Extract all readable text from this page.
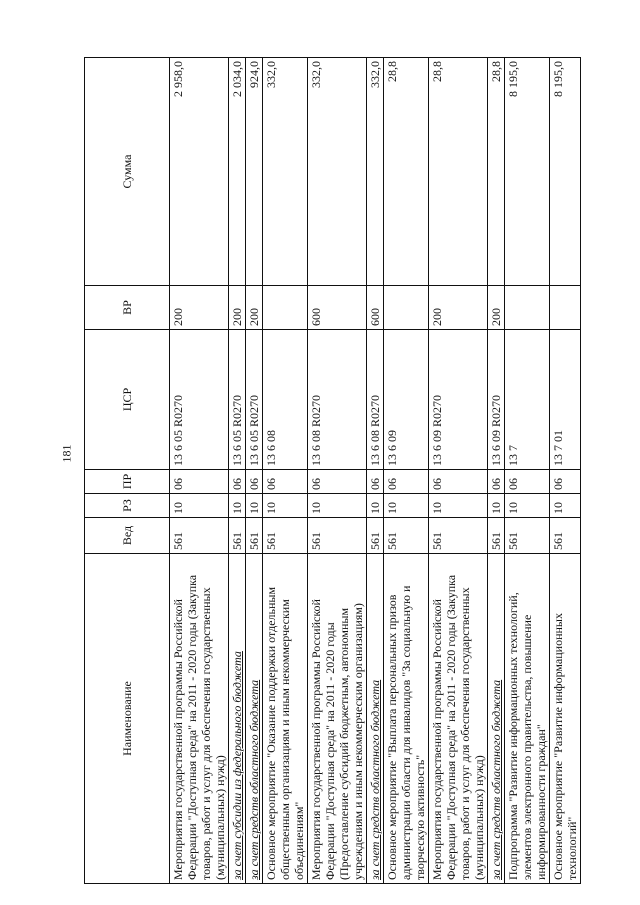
181
Наименование	Вед	РЗ	ПР	ЦСР	ВР	Сумма
Мероприятия государственной программы Российской Федерации "Доступная среда" на 2011 - 2020 годы (Закупка товаров, работ и услуг для обеспечения государственных (муниципальных) нужд)	561	10	06	13 6 05 R0270	200	2 958,0
за счет субсидии из федерального бюджета	561	10	06	13 6 05 R0270	200	2 034,0
за счет средств областного бюджета	561	10	06	13 6 05 R0270	200	924,0
Основное мероприятие "Оказание поддержки отдельным общественным организациям и иным некоммерческим объединениям"	561	10	06	13 6 08		332,0
Мероприятия государственной программы Российской Федерации "Доступная среда" на 2011 - 2020 годы (Предоставление субсидий бюджетным, автономным учреждениям и иным некоммерческим организациям)	561	10	06	13 6 08 R0270	600	332,0
за счет средств областного бюджета	561	10	06	13 6 08 R0270	600	332,0
Основное мероприятие "Выплата персональных призов администрации области для инвалидов "За социальную и творческую активность"	561	10	06	13 6 09		28,8
Мероприятия государственной программы Российской Федерации "Доступная среда" на 2011 - 2020 годы (Закупка товаров, работ и услуг для обеспечения государственных (муниципальных) нужд)	561	10	06	13 6 09 R0270	200	28,8
за счет средств областного бюджета	561	10	06	13 6 09 R0270	200	28,8
Подпрограмма "Развитие информационных технологий, элементов электронного правительства, повышение информированности граждан"	561	10	06	13 7		8 195,0
Основное мероприятие "Развитие информационных технологий"	561	10	06	13 7 01		8 195,0
